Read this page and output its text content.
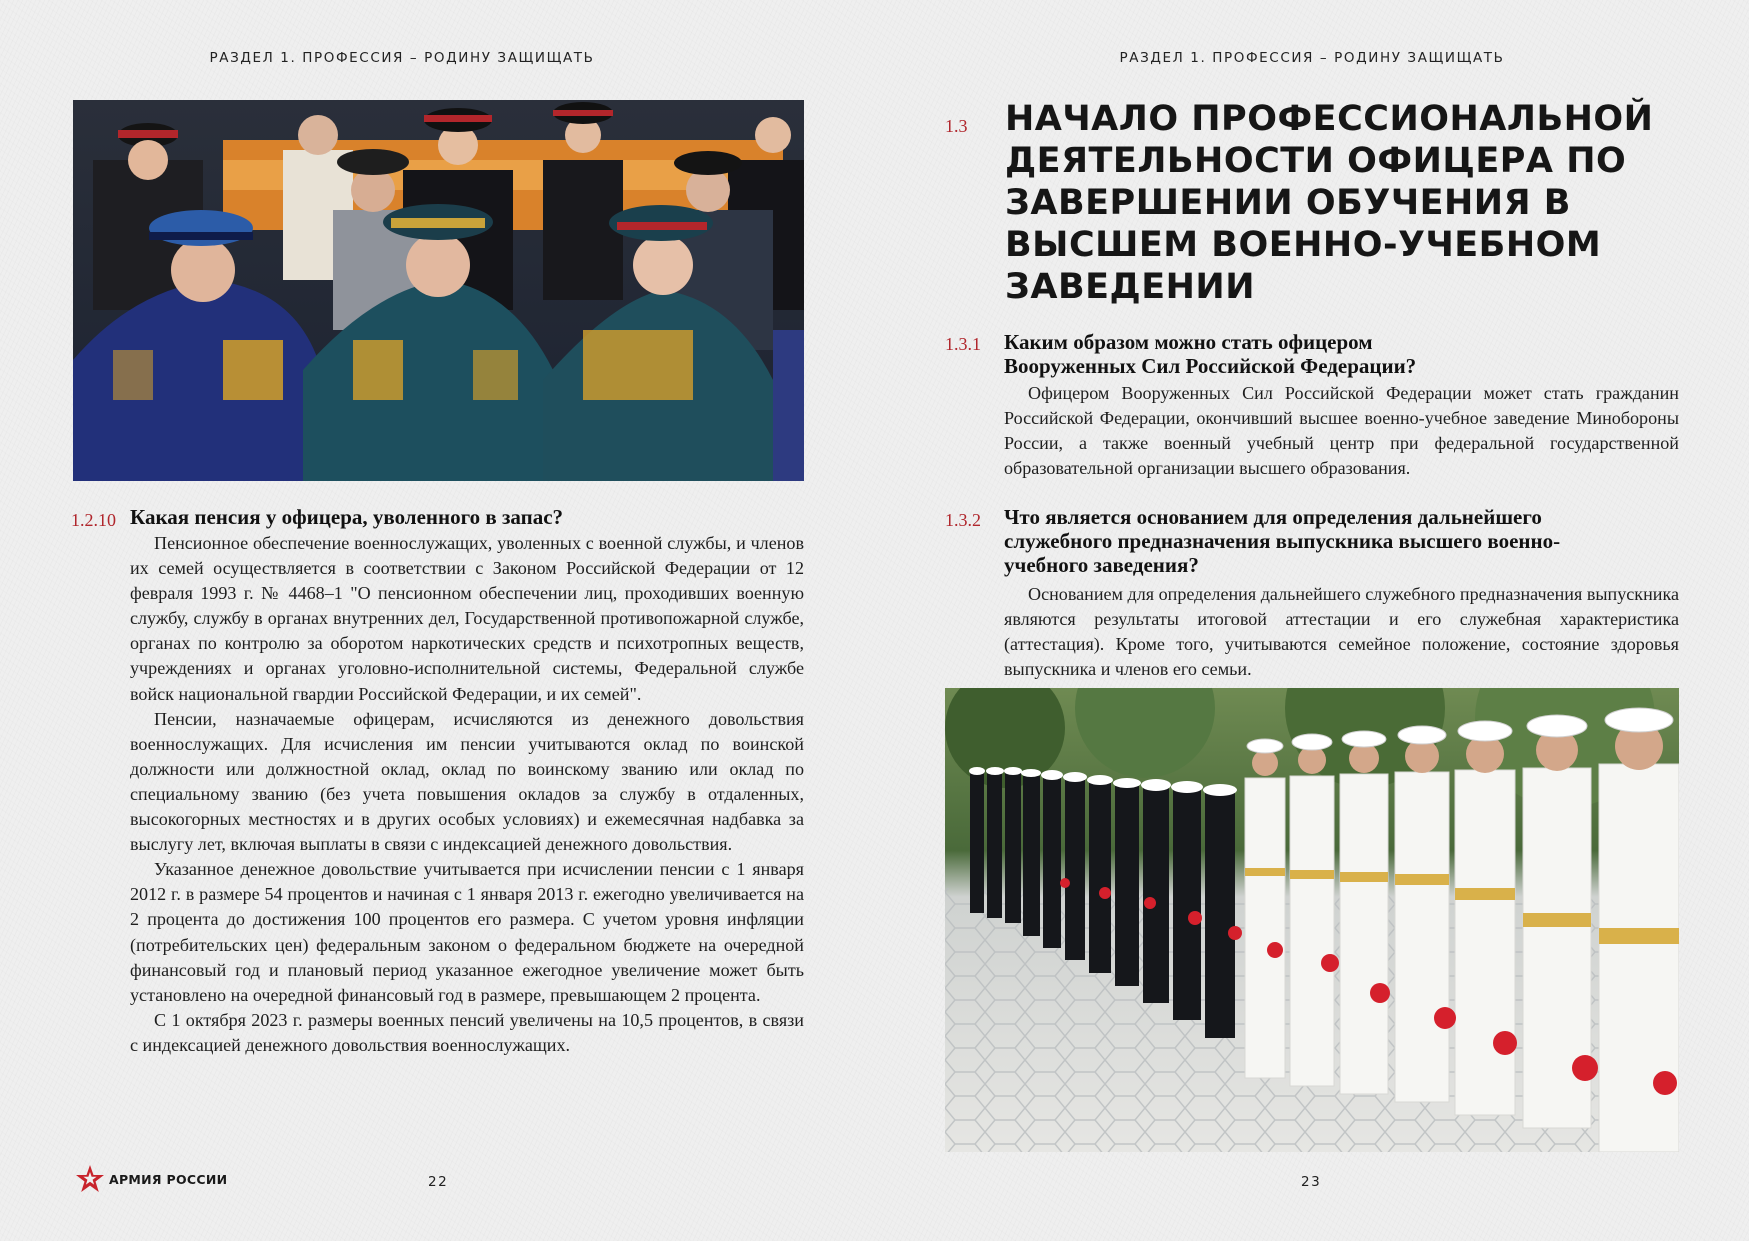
РАЗДЕЛ 1. ПРОФЕССИЯ – РОДИНУ ЗАЩИЩАТЬ
1.2.10 Какая пенсия у офицера, уволенного в запас?

Пенсионное обеспечение военнослужащих, уволенных с военной службы, и членов их семей осуществляется в соответствии с Законом Российской Федерации от 12 февраля 1993 г. № 4468–1 "О пенсионном обеспечении лиц, проходивших военную службу, службу в органах внутренних дел, Государственной противопожарной службе, органах по контролю за оборотом наркотических средств и психотропных веществ, учреждениях и органах уголовно-исполнительной системы, Федеральной службе войск национальной гвардии Российской Федерации, и их семей".

Пенсии, назначаемые офицерам, исчисляются из денежного довольствия военнослужащих. Для исчисления им пенсии учитываются оклад по воинской должности или должностной оклад, оклад по воинскому званию или оклад по специальному званию (без учета повышения окладов за службу в отдаленных, высокогорных местностях и в других особых условиях) и ежемесячная надбавка за выслугу лет, включая выплаты в связи с индексацией денежного довольствия.

Указанное денежное довольствие учитывается при исчислении пенсии с 1 января 2012 г. в размере 54 процентов и начиная с 1 января 2013 г. ежегодно увеличивается на 2 процента до достижения 100 процентов его размера. С учетом уровня инфляции (потребительских цен) федеральным законом о федеральном бюджете на очередной финансовый год и плановый период указанное ежегодное увеличение может быть установлено на очередной финансовый год в размере, превышающем 2 процента.

С 1 октября 2023 г. размеры военных пенсий увеличены на 10,5 процентов, в связи с индексацией денежного довольствия военнослужащих.

АРМИЯ РОССИИ	22
РАЗДЕЛ 1. ПРОФЕССИЯ – РОДИНУ ЗАЩИЩАТЬ
1.3 НАЧАЛО ПРОФЕССИОНАЛЬНОЙ ДЕЯТЕЛЬНОСТИ ОФИЦЕРА ПО ЗАВЕРШЕНИИ ОБУЧЕНИЯ В ВЫСШЕМ ВОЕННО-УЧЕБНОМ ЗАВЕДЕНИИ
1.3.1 Каким образом можно стать офицером Вооруженных Сил Российской Федерации?

Офицером Вооруженных Сил Российской Федерации может стать гражданин Российской Федерации, окончивший высшее военно-учебное заведение Минобороны России, а также военный учебный центр при федеральной государственной образовательной организации высшего образования.

1.3.2 Что является основанием для определения дальнейшего служебного предназначения выпускника высшего военно-учебного заведения?

Основанием для определения дальнейшего служебного предназначения выпускника являются результаты итоговой аттестации и его служебная характеристика (аттестация). Кроме того, учитываются семейное положение, состояние здоровья выпускника и членов его семьи.

23
